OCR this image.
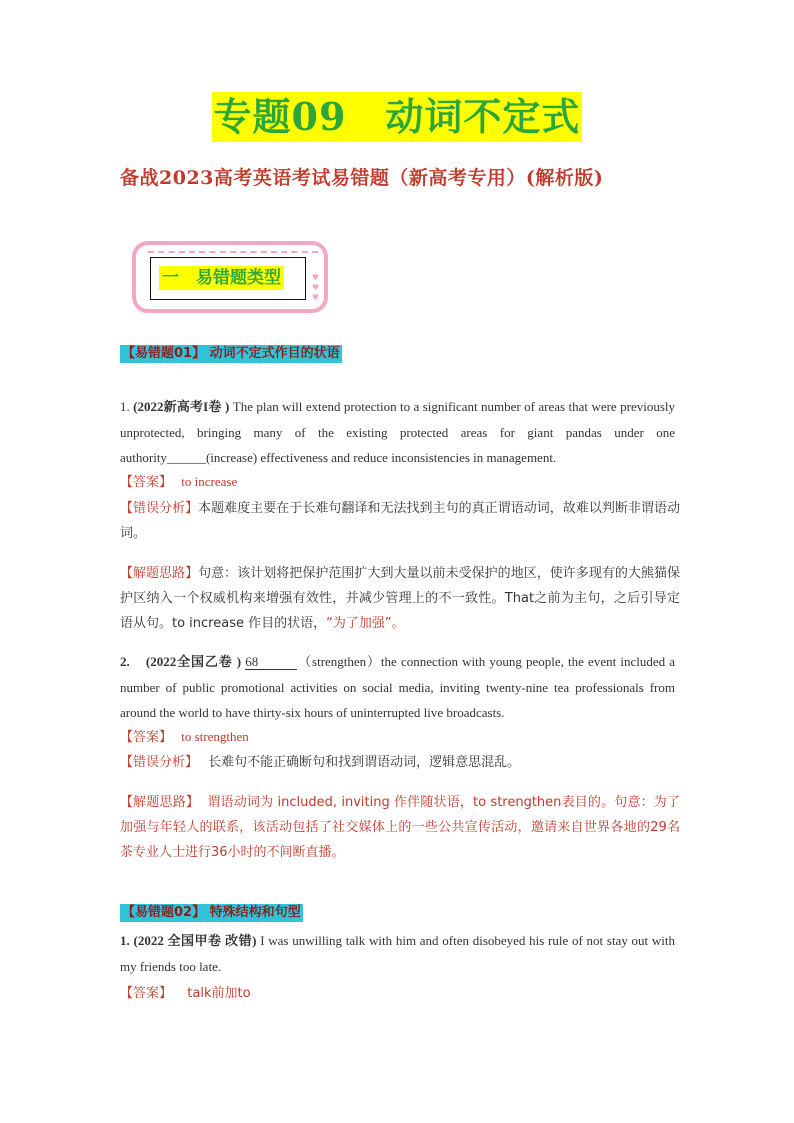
专题09　动词不定式
备战2023高考英语考试易错题（新高考专用）(解析版)
♥
♥
♥
一　 易错题类型
【易错题01】 动词不定式作目的状语
1. (2022新高考I卷 ) The plan will extend protection to a significant number of areas that were previously unprotected, bringing many of the existing protected areas for giant pandas under one authority______(increase) effectiveness and reduce inconsistencies in management.
【答案】 to increase
【错误分析】本题难度主要在于长难句翻译和无法找到主句的真正谓语动词，故难以判断非谓语动词。
【解题思路】句意：该计划将把保护范围扩大到大量以前未受保护的地区，使许多现有的大熊猫保护区纳入一个权威机构来增强有效性，并减少管理上的不一致性。That之前为主句，之后引导定语从句。to increase 作目的状语，“为了加强”。
2. (2022全国乙卷 ) 68	（strengthen）the connection with young people, the event included a number of public promotional activities on social media, inviting twenty-nine tea professionals from around the world to have thirty-six hours of uninterrupted live broadcasts.
【答案】 to strengthen
【错误分析】 长难句不能正确断句和找到谓语动词，逻辑意思混乱。
【解题思路】 谓语动词为 included, inviting 作伴随状语，to strengthen表目的。句意：为了加强与年轻人的联系，该活动包括了社交媒体上的一些公共宣传活动，邀请来自世界各地的29名茶专业人士进行36小时的不间断直播。
【易错题02】 特殊结构和句型
1. (2022 全国甲卷 改错) I was unwilling talk with him and often disobeyed his rule of not stay out with my friends too late.
【答案】 talk前加to
